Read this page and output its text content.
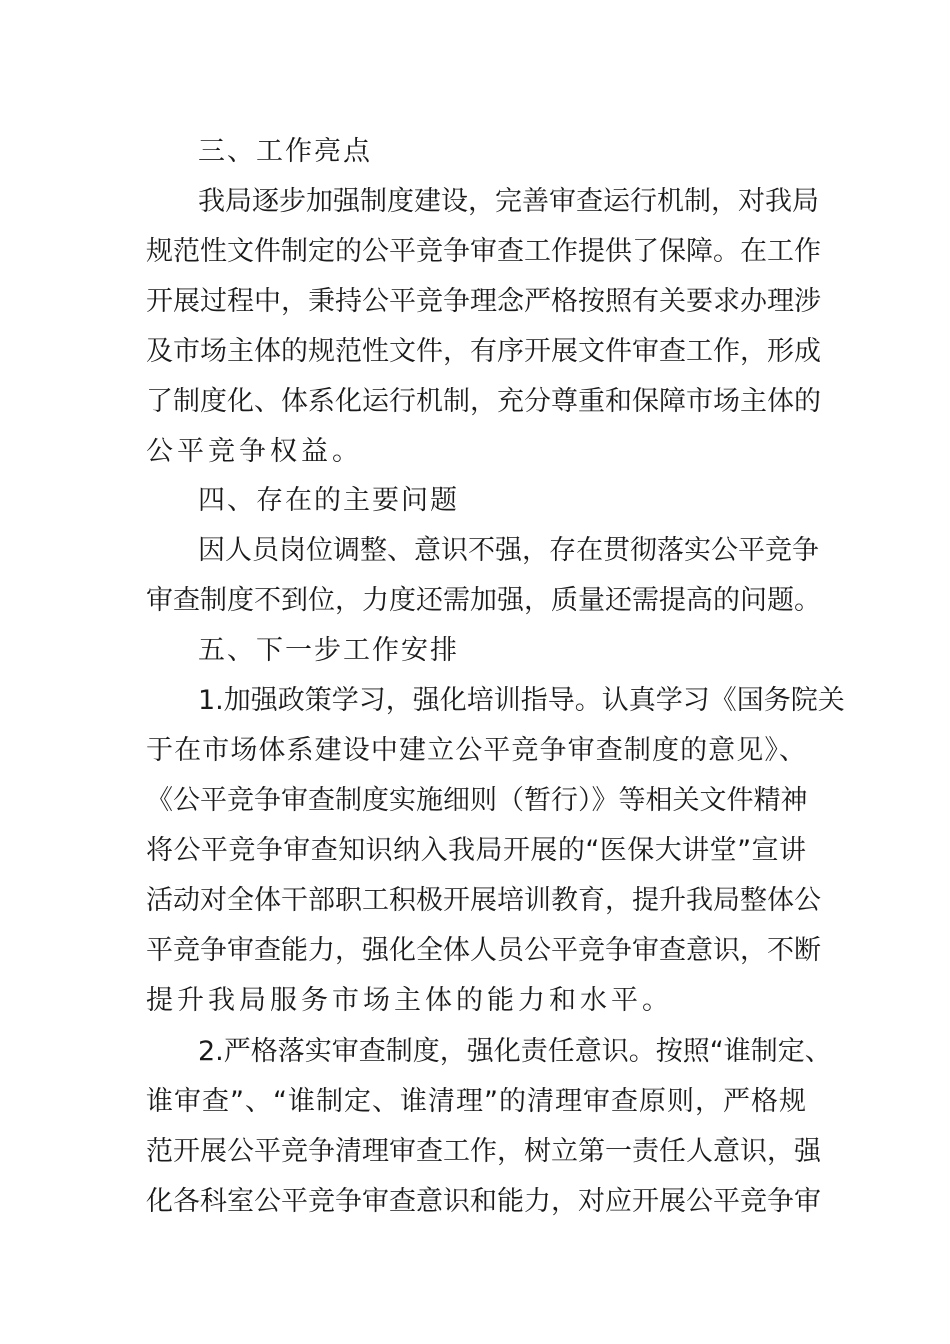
三、工作亮点
我局逐步加强制度建设，完善审查运行机制，对我局
规范性文件制定的公平竞争审查工作提供了保障。在工作
开展过程中，秉持公平竞争理念严格按照有关要求办理涉
及市场主体的规范性文件，有序开展文件审查工作，形成
了制度化、体系化运行机制，充分尊重和保障市场主体的
公平竞争权益。
四、存在的主要问题
因人员岗位调整、意识不强，存在贯彻落实公平竞争
审查制度不到位，力度还需加强，质量还需提高的问题。
五、下一步工作安排
1.加强政策学习，强化培训指导。认真学习《国务院关
于在市场体系建设中建立公平竞争审查制度的意见》、
《公平竞争审查制度实施细则（暂行）》等相关文件精神
将公平竞争审查知识纳入我局开展的“医保大讲堂”宣讲
活动对全体干部职工积极开展培训教育，提升我局整体公
平竞争审查能力，强化全体人员公平竞争审查意识，不断
提升我局服务市场主体的能力和水平。
2.严格落实审查制度，强化责任意识。按照“谁制定、
谁审查”、“谁制定、谁清理”的清理审查原则，严格规
范开展公平竞争清理审查工作，树立第一责任人意识，强
化各科室公平竞争审查意识和能力，对应开展公平竞争审
